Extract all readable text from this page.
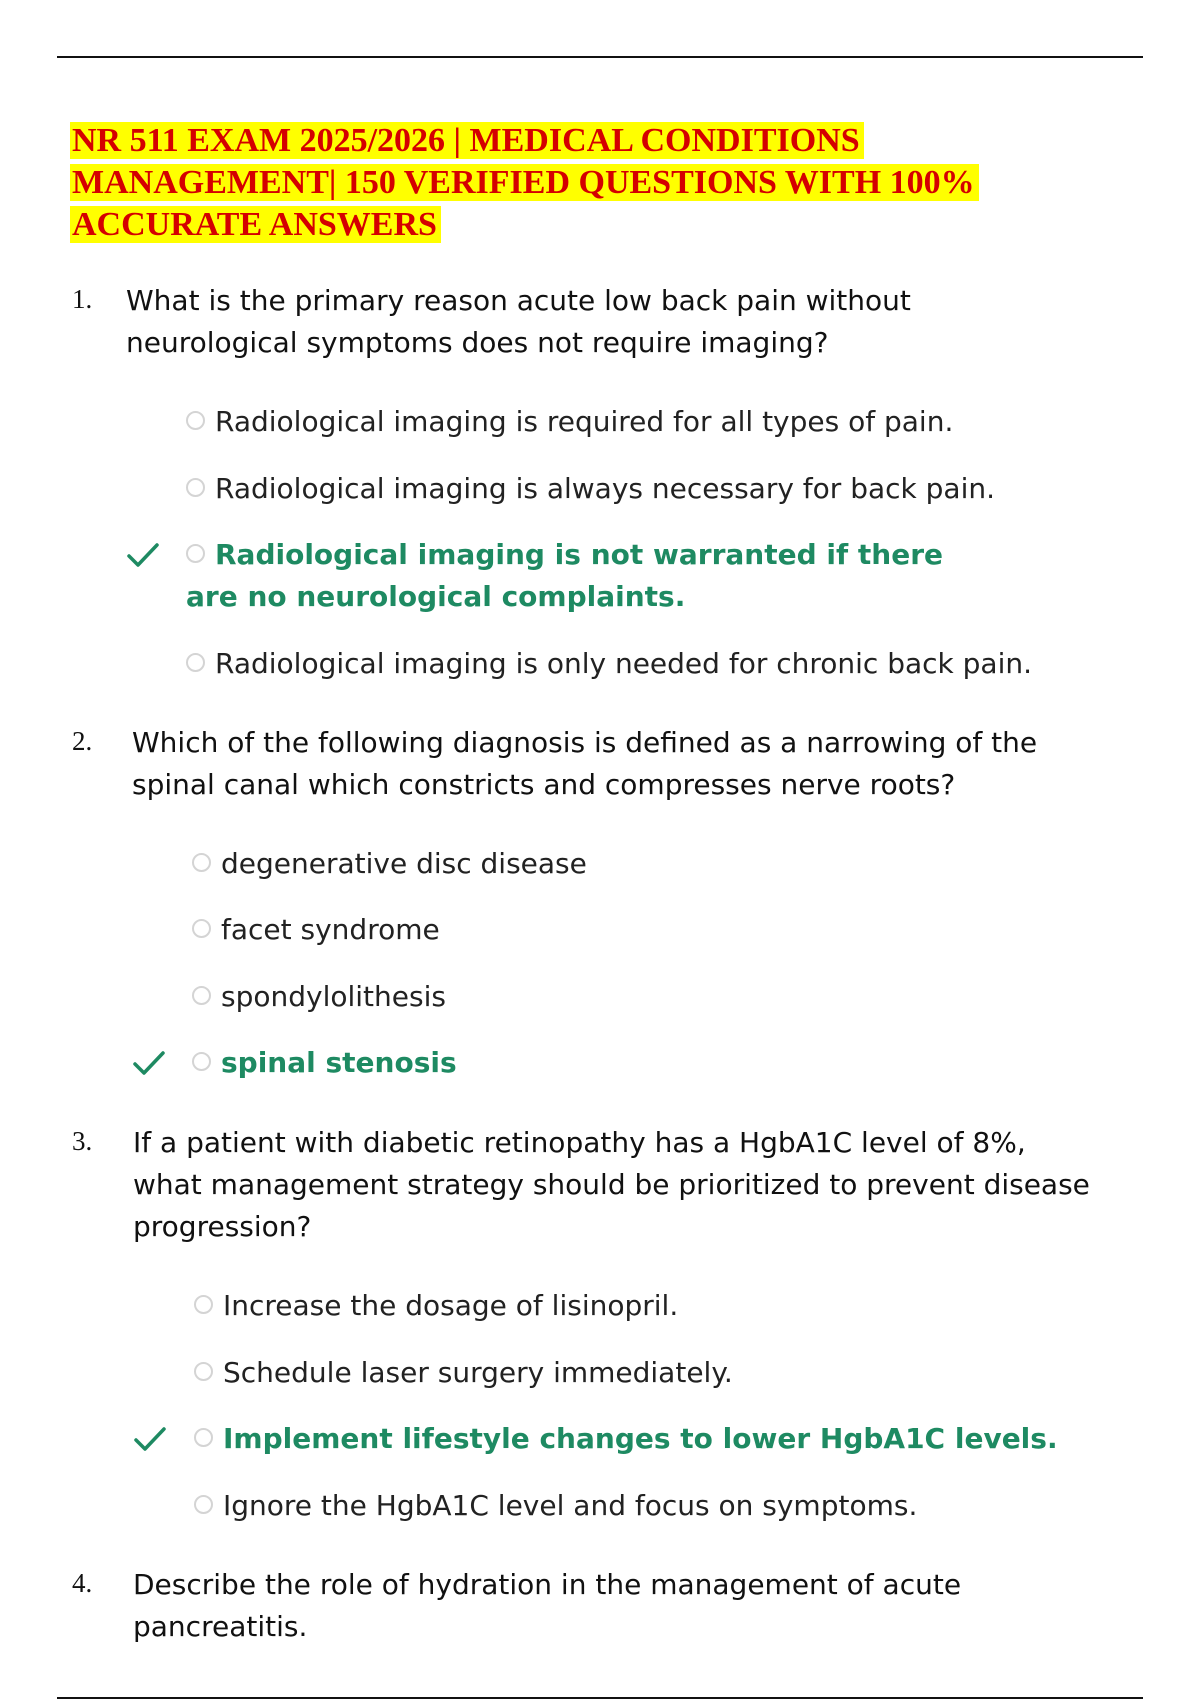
NR 511 EXAM 2025/2026 | MEDICAL CONDITIONS
MANAGEMENT| 150 VERIFIED QUESTIONS WITH 100%
ACCURATE ANSWERS
1. What is the primary reason acute low back pain without neurological symptoms does not require imaging?
Radiological imaging is required for all types of pain.
Radiological imaging is always necessary for back pain.
Radiological imaging is not warranted if there are no neurological complaints.
Radiological imaging is only needed for chronic back pain.
2. Which of the following diagnosis is defined as a narrowing of the spinal canal which constricts and compresses nerve roots?
degenerative disc disease
facet syndrome
spondylolithesis
spinal stenosis
3. If a patient with diabetic retinopathy has a HgbA1C level of 8%, what management strategy should be prioritized to prevent disease progression?
Increase the dosage of lisinopril.
Schedule laser surgery immediately.
Implement lifestyle changes to lower HgbA1C levels.
Ignore the HgbA1C level and focus on symptoms.
4. Describe the role of hydration in the management of acute pancreatitis.
